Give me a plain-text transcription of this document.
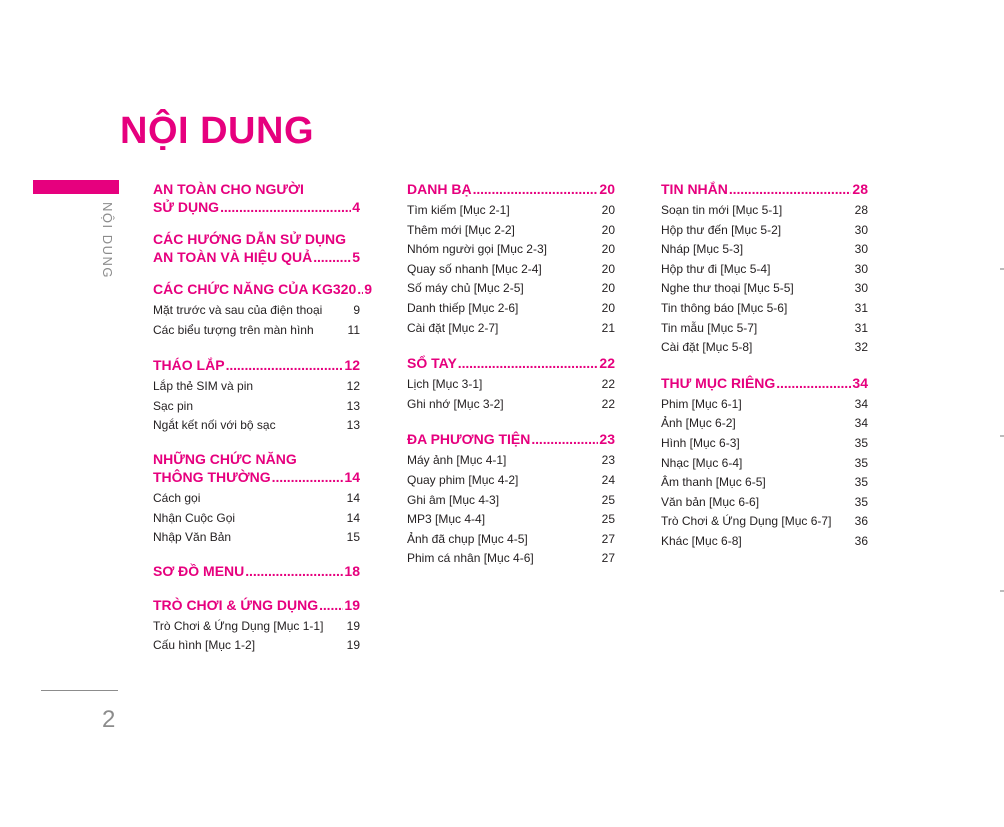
NỘI DUNG
NỘI DUNG
2
AN TOÀN CHO NGƯỜI
SỬ DỤNG . . .	4
CÁC HƯỚNG DẪN SỬ DỤNG
AN TOÀN VÀ HIỆU QUẢ . . .	5
CÁC CHỨC NĂNG CỦA KG320 . . . 9
Mặt trước và sau của điện thoại	9
Các biểu tượng trên màn hình	11
THÁO LẮP . . .	12
Lắp thẻ SIM và pin	12
Sạc pin	13
Ngắt kết nối với bộ sạc	13
NHỮNG CHỨC NĂNG
THÔNG THƯỜNG . . .	14
Cách gọi	14
Nhận Cuộc Gọi	14
Nhập Văn Bản	15
SƠ ĐỒ MENU . . .	18
TRÒ CHƠI & ỨNG DỤNG . . . 19
Trò Chơi & Ứng Dụng [Mục 1-1]	19
Cấu hình [Mục 1-2]	19
DANH BẠ . . .	20
Tìm kiếm [Mục 2-1]	20
Thêm mới [Mục 2-2]	20
Nhóm người gọi [Mục 2-3]	20
Quay số nhanh [Mục 2-4]	20
Số máy chủ [Mục 2-5]	20
Danh thiếp [Mục 2-6]	20
Cài đặt [Mục 2-7]	21
SỔ TAY . . .	22
Lịch [Mục 3-1]	22
Ghi nhớ [Mục 3-2]	22
ĐA PHƯƠNG TIỆN . . .	23
Máy ảnh [Mục 4-1]	23
Quay phim [Mục 4-2]	24
Ghi âm [Mục 4-3]	25
MP3 [Mục 4-4]	25
Ảnh đã chụp [Mục 4-5]	27
Phim cá nhân [Mục 4-6]	27
TIN NHẮN . . .	28
Soạn tin mới [Mục 5-1]	28
Hộp thư đến [Mục 5-2]	30
Nháp [Mục 5-3]	30
Hộp thư đi [Mục 5-4]	30
Nghe thư thoại [Mục 5-5]	30
Tin thông báo [Mục 5-6]	31
Tin mẫu [Mục 5-7]	31
Cài đặt [Mục 5-8]	32
THƯ MỤC RIÊNG . . .	34
Phim [Mục 6-1]	34
Ảnh [Mục 6-2]	34
Hình [Mục 6-3]	35
Nhạc [Mục 6-4]	35
Âm thanh [Mục 6-5]	35
Văn bản [Mục 6-6]	35
Trò Chơi & Ứng Dụng [Mục 6-7]	36
Khác [Mục 6-8]	36
